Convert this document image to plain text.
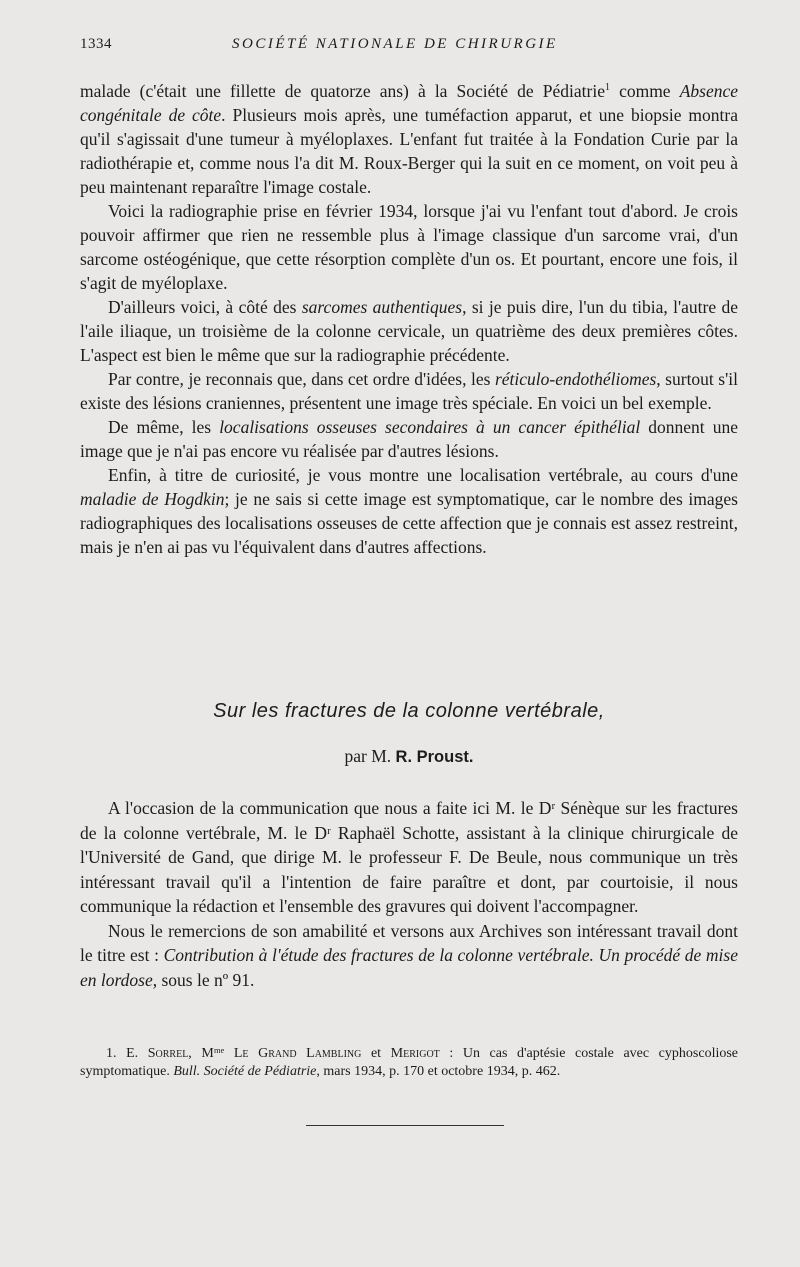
1334	SOCIÉTÉ NATIONALE DE CHIRURGIE

malade (c'était une fillette de quatorze ans) à la Société de Pédiatrie$^1$ comme Absence congénitale de côte. Plusieurs mois après, une tuméfaction apparut, et une biopsie montra qu'il s'agissait d'une tumeur à myéloplaxes. L'enfant fut traitée à la Fondation Curie par la radiothérapie et, comme nous l'a dit M. Roux-Berger qui la suit en ce moment, on voit peu à peu maintenant reparaître l'image costale.

Voici la radiographie prise en février 1934, lorsque j'ai vu l'enfant tout d'abord. Je crois pouvoir affirmer que rien ne ressemble plus à l'image classique d'un sarcome vrai, d'un sarcome ostéogénique, que cette résorption complète d'un os. Et pourtant, encore une fois, il s'agit de myéloplaxe.

D'ailleurs voici, à côté des sarcomes authentiques, si je puis dire, l'un du tibia, l'autre de l'aile iliaque, un troisième de la colonne cervicale, un quatrième des deux premières côtes. L'aspect est bien le même que sur la radiographie précédente.

Par contre, je reconnais que, dans cet ordre d'idées, les réticulo-endothéliomes, surtout s'il existe des lésions craniennes, présentent une image très spéciale. En voici un bel exemple.

De même, les localisations osseuses secondaires à un cancer épithélial donnent une image que je n'ai pas encore vu réalisée par d'autres lésions.

Enfin, à titre de curiosité, je vous montre une localisation vertébrale, au cours d'une maladie de Hogdkin; je ne sais si cette image est symptomatique, car le nombre des images radiographiques des localisations osseuses de cette affection que je connais est assez restreint, mais je n'en ai pas vu l'équivalent dans d'autres affections.

Sur les fractures de la colonne vertébrale,
par M. R. Proust.

A l'occasion de la communication que nous a faite ici M. le Dʳ Sénèque sur les fractures de la colonne vertébrale, M. le Dʳ Raphaël Schotte, assistant à la clinique chirurgicale de l'Université de Gand, que dirige M. le professeur F. De Beule, nous communique un très intéressant travail qu'il a l'intention de faire paraître et dont, par courtoisie, il nous communique la rédaction et l'ensemble des gravures qui doivent l'accompagner.

Nous le remercions de son amabilité et versons aux Archives son intéressant travail dont le titre est : Contribution à l'étude des fractures de la colonne vertébrale. Un procédé de mise en lordose, sous le nº 91.

1. E. Sorrel, Mᵐᵉ Le Grand Lambling et Merigot : Un cas d'aptésie costale avec cyphoscoliose symptomatique. Bull. Société de Pédiatrie, mars 1934, p. 170 et octobre 1934, p. 462.
